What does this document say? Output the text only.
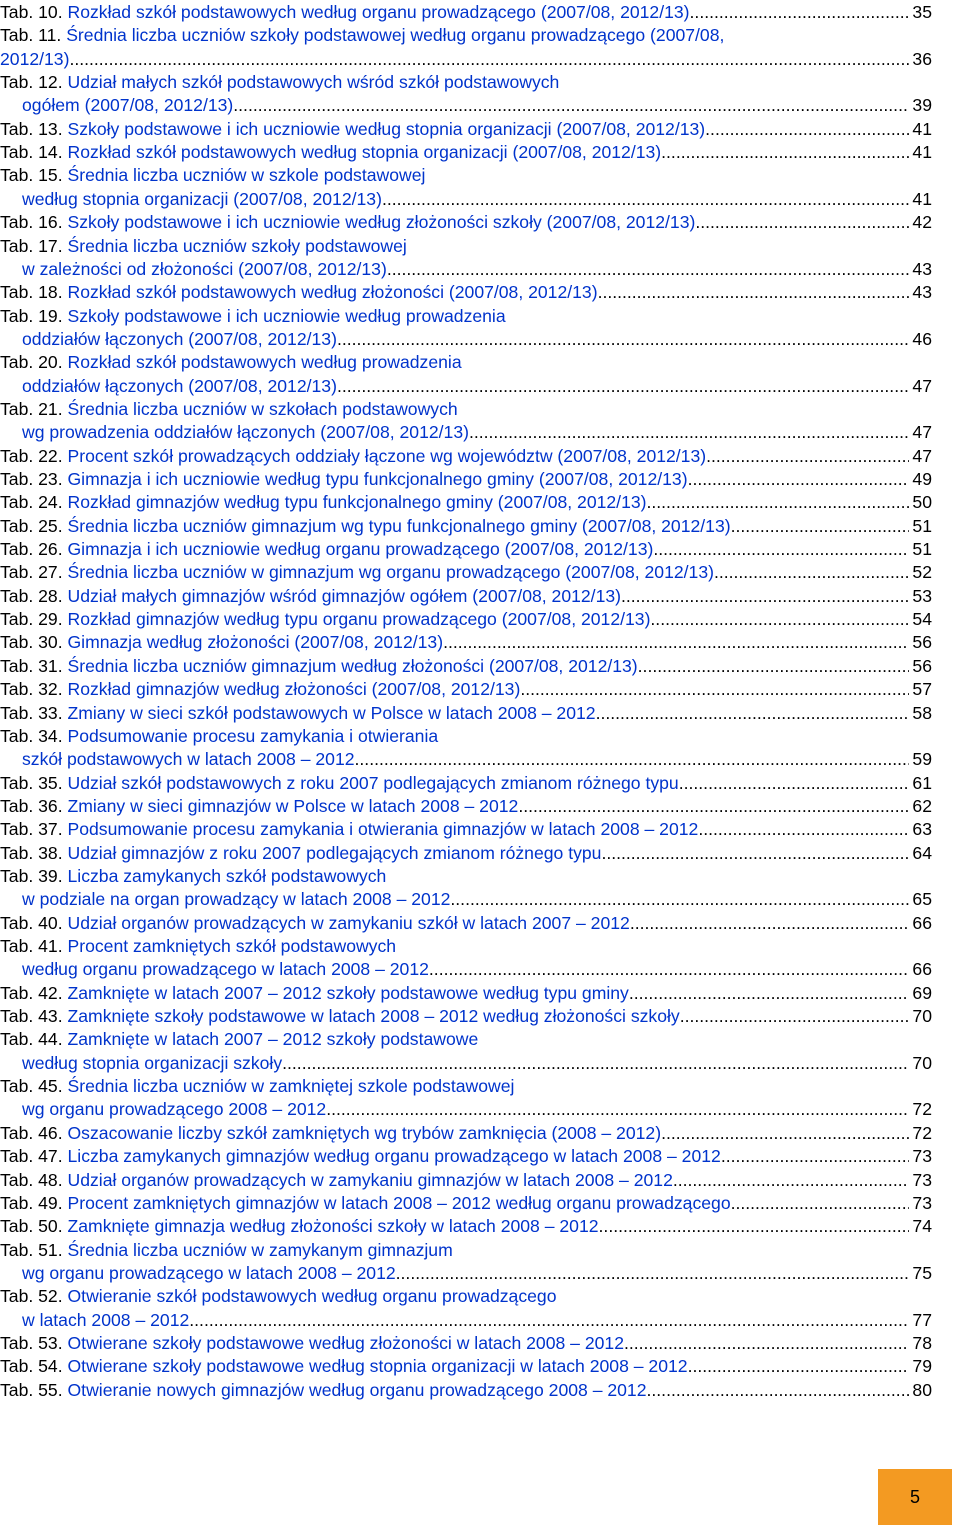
Tab. 10.
Rozkład szkół podstawowych według organu prowadzącego (2007/08, 2012/13) .....	35
Tab. 11.
Średnia liczba uczniów szkoły podstawowej według organu prowadzącego (2007/08,
2012/13) .....	36
Tab. 12.
Udział małych szkół podstawowych wśród szkół podstawowych
ogółem (2007/08, 2012/13) .....	39
Tab. 13.
Szkoły podstawowe i ich uczniowie według stopnia organizacji (2007/08, 2012/13) .....	41
Tab. 14.
Rozkład szkół podstawowych według stopnia organizacji (2007/08, 2012/13) .....	41
Tab. 15.
Średnia liczba uczniów w szkole podstawowej
według stopnia organizacji (2007/08, 2012/13) .....	41
Tab. 16.
Szkoły podstawowe i ich uczniowie według złożoności szkoły (2007/08, 2012/13) .....	42
Tab. 17.
Średnia liczba uczniów szkoły podstawowej
w zależności od złożoności (2007/08, 2012/13) .....	43
Tab. 18.
Rozkład szkół podstawowych według złożoności (2007/08, 2012/13) .....	43
Tab. 19.
Szkoły podstawowe i ich uczniowie według prowadzenia
oddziałów łączonych (2007/08, 2012/13) .....	46
Tab. 20.
Rozkład szkół podstawowych według prowadzenia
oddziałów łączonych (2007/08, 2012/13) .....	47
Tab. 21.
Średnia liczba uczniów w szkołach podstawowych
wg prowadzenia oddziałów łączonych (2007/08, 2012/13) .....	47
Tab. 22.
Procent szkół prowadzących oddziały łączone wg województw (2007/08, 2012/13) .....	47
Tab. 23.
Gimnazja i ich uczniowie według typu funkcjonalnego gminy (2007/08, 2012/13) .....	49
Tab. 24.
Rozkład gimnazjów według typu funkcjonalnego gminy (2007/08, 2012/13) .....	50
Tab. 25.
Średnia liczba uczniów gimnazjum wg typu funkcjonalnego gminy (2007/08, 2012/13) .....	51
Tab. 26.
Gimnazja i ich uczniowie według organu prowadzącego (2007/08, 2012/13) .....	51
Tab. 27.
Średnia liczba uczniów w gimnazjum wg organu prowadzącego (2007/08, 2012/13) .....	52
Tab. 28.
Udział małych gimnazjów wśród gimnazjów ogółem (2007/08, 2012/13) .....	53
Tab. 29.
Rozkład gimnazjów według typu organu prowadzącego (2007/08, 2012/13) .....	54
Tab. 30.
Gimnazja według złożoności (2007/08, 2012/13) .....	56
Tab. 31.
Średnia liczba uczniów gimnazjum według złożoności (2007/08, 2012/13) .....	56
Tab. 32.
Rozkład gimnazjów według złożoności (2007/08, 2012/13) .....	57
Tab. 33.
Zmiany w sieci szkół podstawowych w Polsce w latach 2008 – 2012 .....	58
Tab. 34.
Podsumowanie procesu zamykania i otwierania
szkół podstawowych w latach 2008 – 2012 .....	59
Tab. 35.
Udział szkół podstawowych z roku 2007 podlegających zmianom różnego typu .....	61
Tab. 36.
Zmiany w sieci gimnazjów w Polsce w latach 2008 – 2012 .....	62
Tab. 37.
Podsumowanie procesu zamykania i otwierania gimnazjów w latach 2008 – 2012 .....	63
Tab. 38.
Udział gimnazjów z roku 2007 podlegających zmianom różnego typu .....	64
Tab. 39.
Liczba zamykanych szkół podstawowych
w podziale na organ prowadzący w latach 2008 – 2012 .....	65
Tab. 40.
Udział organów prowadzących w zamykaniu szkół w latach 2007 – 2012 .....	66
Tab. 41.
Procent zamkniętych szkół podstawowych
według organu prowadzącego w latach 2008 – 2012 .....	66
Tab. 42.
Zamknięte w latach 2007 – 2012 szkoły podstawowe według typu gminy .....	69
Tab. 43.
Zamknięte szkoły podstawowe w latach 2008 – 2012 według złożoności szkoły .....	70
Tab. 44.
Zamknięte w latach 2007 – 2012 szkoły podstawowe
według stopnia organizacji szkoły .....	70
Tab. 45.
Średnia liczba uczniów w zamkniętej szkole podstawowej
wg organu prowadzącego 2008 – 2012 .....	72
Tab. 46.
Oszacowanie liczby szkół zamkniętych wg trybów zamknięcia (2008 – 2012) .....	72
Tab. 47.
Liczba zamykanych gimnazjów według organu prowadzącego w latach 2008 – 2012 .....	73
Tab. 48.
Udział organów prowadzących w zamykaniu gimnazjów w latach 2008 – 2012 .....	73
Tab. 49.
Procent zamkniętych gimnazjów w latach 2008 – 2012 według organu prowadzącego .....	73
Tab. 50.
Zamknięte gimnazja według złożoności szkoły w latach 2008 – 2012 .....	74
Tab. 51.
Średnia liczba uczniów w zamykanym gimnazjum
wg organu prowadzącego w latach 2008 – 2012 .....	75
Tab. 52.
Otwieranie szkół podstawowych według organu prowadzącego
w latach 2008 – 2012 .....	77
Tab. 53.
Otwierane szkoły podstawowe według złożoności w latach 2008 – 2012 .....	78
Tab. 54.
Otwierane szkoły podstawowe według stopnia organizacji w latach 2008 – 2012 .....	79
Tab. 55.
Otwieranie nowych gimnazjów według organu prowadzącego 2008 – 2012 .....	80
5
